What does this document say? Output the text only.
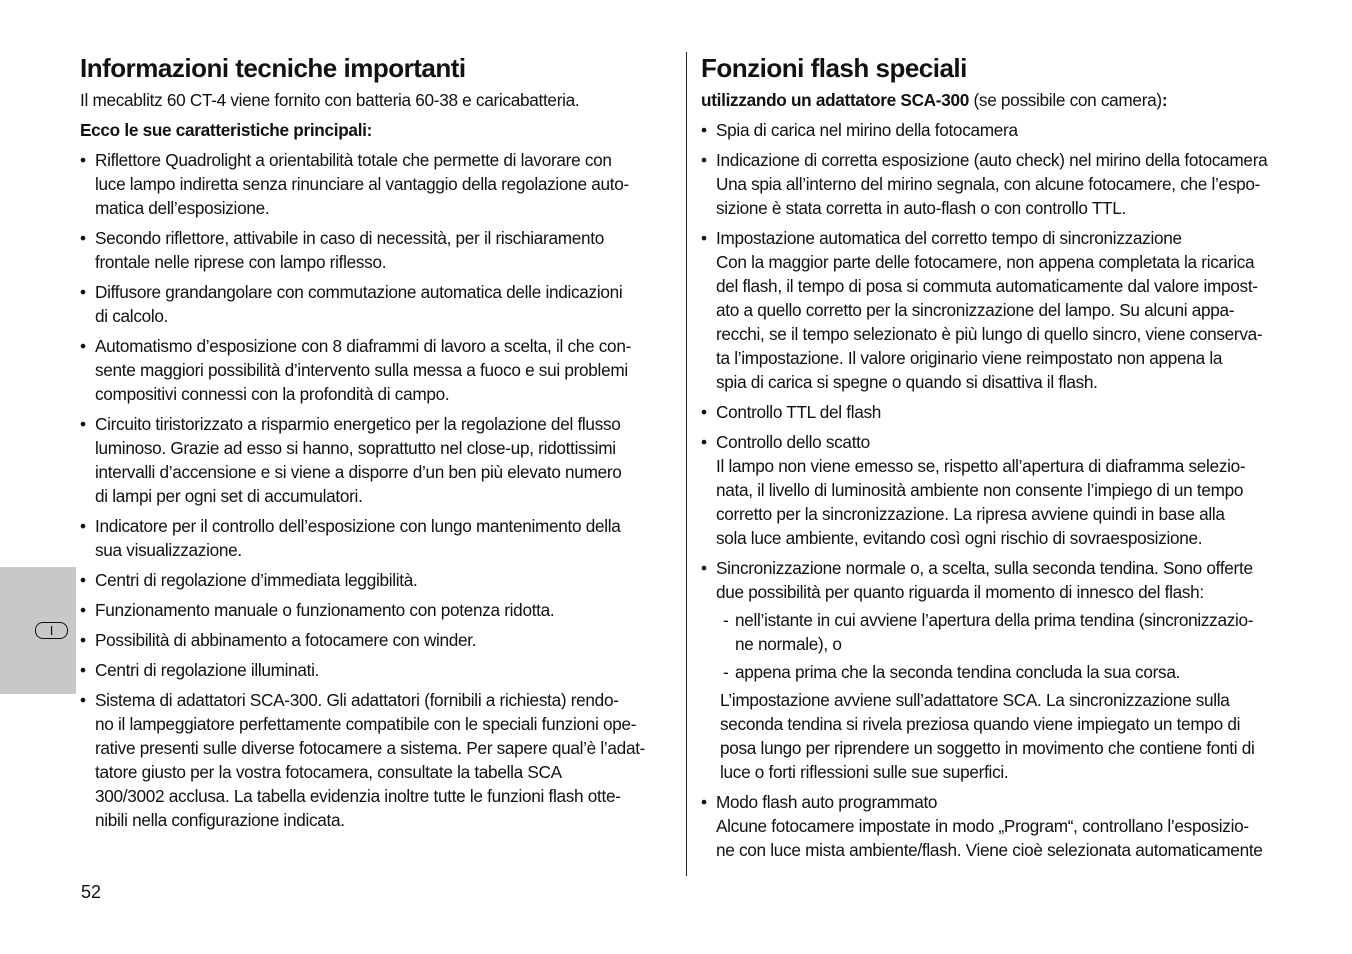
I
Informazioni tecniche importanti

Il mecablitz 60 CT-4 viene fornito con batteria 60-38 e caricabatteria.

Ecco le sue caratteristiche principali:

• Riflettore Quadrolight a orientabilità totale che permette di lavorare con
luce lampo indiretta senza rinunciare al vantaggio della regolazione auto-
matica dell’esposizione.
• Secondo riflettore, attivabile in caso di necessità, per il rischiaramento
frontale nelle riprese con lampo riflesso.
• Diffusore grandangolare con commutazione automatica delle indicazioni
di calcolo.
• Automatismo d’esposizione con 8 diaframmi di lavoro a scelta, il che con-
sente maggiori possibilità d’intervento sulla messa a fuoco e sui problemi
compositivi connessi con la profondità di campo.
• Circuito tiristorizzato a risparmio energetico per la regolazione del flusso
luminoso. Grazie ad esso si hanno, soprattutto nel close-up, ridottissimi
intervalli d’accensione e si viene a disporre d’un ben più elevato numero
di lampi per ogni set di accumulatori.
• Indicatore per il controllo dell’esposizione con lungo mantenimento della
sua visualizzazione.
• Centri di regolazione d’immediata leggibilità.
• Funzionamento manuale o funzionamento con potenza ridotta.
• Possibilità di abbinamento a fotocamere con winder.
• Centri di regolazione illuminati.
• Sistema di adattatori SCA-300. Gli adattatori (fornibili a richiesta) rendo-
no il lampeggiatore perfettamente compatibile con le speciali funzioni ope-
rative presenti sulle diverse fotocamere a sistema. Per sapere qual’è l’adat-
tatore giusto per la vostra fotocamera, consultate la tabella SCA
300/3002 acclusa. La tabella evidenzia inoltre tutte le funzioni flash otte-
nibili nella configurazione indicata.
Fonzioni flash speciali

utilizzando un adattatore SCA-300 (se possibile con camera):

• Spia di carica nel mirino della fotocamera
• Indicazione di corretta esposizione (auto check) nel mirino della fotocamera
Una spia all’interno del mirino segnala, con alcune fotocamere, che l’espo-
sizione è stata corretta in auto-flash o con controllo TTL.
• Impostazione automatica del corretto tempo di sincronizzazione
Con la maggior parte delle fotocamere, non appena completata la ricarica
del flash, il tempo di posa si commuta automaticamente dal valore impost-
ato a quello corretto per la sincronizzazione del lampo. Su alcuni appa-
recchi, se il tempo selezionato è più lungo di quello sincro, viene conserva-
ta l’impostazione. Il valore originario viene reimpostato non appena la
spia di carica si spegne o quando si disattiva il flash.
• Controllo TTL del flash
• Controllo dello scatto
Il lampo non viene emesso se, rispetto all’apertura di diaframma selezio-
nata, il livello di luminosità ambiente non consente l’impiego di un tempo
corretto per la sincronizzazione. La ripresa avviene quindi in base alla
sola luce ambiente, evitando così ogni rischio di sovraesposizione.
• Sincronizzazione normale o, a scelta, sulla seconda tendina. Sono offerte
due possibilità per quanto riguarda il momento di innesco del flash:
- nell’istante in cui avviene l’apertura della prima tendina (sincronizzazio-
ne normale), o
- appena prima che la seconda tendina concluda la sua corsa.
L’impostazione avviene sull’adattatore SCA. La sincronizzazione sulla
seconda tendina si rivela preziosa quando viene impiegato un tempo di
posa lungo per riprendere un soggetto in movimento che contiene fonti di
luce o forti riflessioni sulle sue superfici.
• Modo flash auto programmato
Alcune fotocamere impostate in modo „Program“, controllano l’esposizio-
ne con luce mista ambiente/flash. Viene cioè selezionata automaticamente
52
